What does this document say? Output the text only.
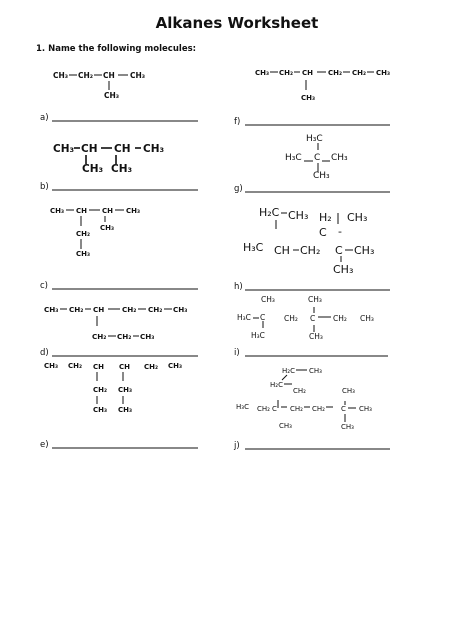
Alkanes Worksheet
1. Name the following molecules:
CH₃ CH₂ CH CH₃
CH₃
CH₃ CH CH CH₃
CH₃ CH₃
CH₃ CH CH CH₃
CH₃
CH₂
CH₃
CH₃ CH₂ CH CH₂ CH₂ CH₃
CH₂ CH₂ CH₃
CH₃ CH₂ CH CH CH₂ CH₃
CH₂ CH₃
CH₃ CH₃
CH₃ CH₂ CH CH₂ CH₂ CH₃
CH₃
H₃C
H₃C C CH₃
CH₃
H₂C CH₃ H₂ CH₃
C -
H₃C CH CH₂ C CH₃
CH₃
CH₃	CH₃
H₃C C	CH₂ C CH₂ CH₃
H₃C	CH₃
H₂C CH₃
H₂C
CH₂	CH₃
H₃C CH₂ C CH₂ CH₂ C CH₃
CH₃	CH₃
a)
b)
c)
d)
e)
f)
g)
h)
i)
j)
